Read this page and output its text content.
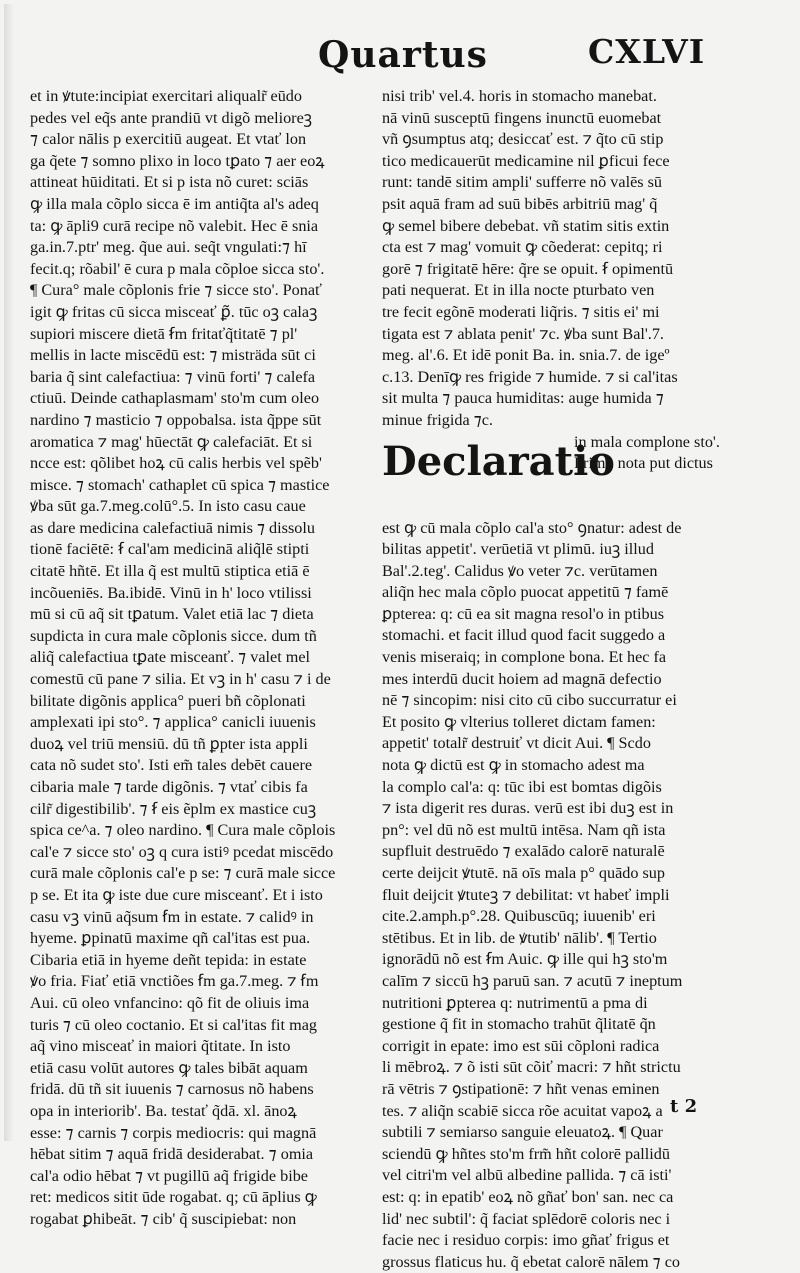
Quartus	CXLVI
et in ꝟtute:incipiat exercitari aliqualr̃ eūdo
pedes vel eq̃s ante prandiū vt digõ melioreꝫ
⁊ calor nālis p exercitiū augeat. Et vtať lon
ga q̃ete ⁊ somno plixo in loco tꝑato ⁊ aer eoꝝ
attineat hūiditati. Et si p ista nõ curet: sciās
ꝙ illa mala cõplo sicca ē im antiq̃ta al's adeq
ta: ꝙ āpli9 curā recipe nõ valebit. Hec ē snia
ga.in.7.ptr' meg. q̃ue aui. seq̃t vngulati:⁊ hī
fecit.q; rõabil' ē cura p mala cõploe sicca sto'.
¶ Cura° male cõplonis frie ⁊ sicce sto'. Ponať
igit ꝙ fritas cū sicca misceať ꝑ̃. tūc oꝫ calaꝫ
supiori miscere dietā ẜm fritaťq̃titatē ⁊ pl'
mellis in lacte miscēdū est: ⁊ misträda sūt ci
baria q̃ sint calefactiua: ⁊ vinū forti' ⁊ calefa
ctiuū. Deinde cathaplasmam' sto'm cum oleo
nardino ⁊ masticio ⁊ oppobalsa. ista q̃ppe sūt
aromatica ⁊ mag' hūectāt ꝙ calefaciāt. Et si
ncce est: qõlibet hoꝝ cū calis herbis vel spẽb'
misce. ⁊ stomach' cathaplet cū spica ⁊ mastice
ꝟba sūt ga.7.meg.colū°.5. In isto casu caue
as dare medicina calefactiuā nimis ⁊ dissolu
tionē faciētē: ẜ cal'am medicinā aliq̃lē stipti
citatē hñtē. Et illa q̃ est multū stiptica etiā ē
incõueniēs. Ba.ibidē. Vinū in h' loco vtilissi
mū si cū aq̃ sit tꝑatum. Valet etiā lac ⁊ dieta
supdicta in cura male cõplonis sicce. dum tñ
aliq̃ calefactiua tꝑate misceanť. ⁊ valet mel
comestū cū pane ⁊ silia. Et vꝫ in h' casu ⁊ i de
bilitate digõnis applica° pueri bñ cõplonati
amplexati ipi sto°. ⁊ applica° canicli iuuenis
duoꝝ vel triū mensiū. dū tñ ꝑpter ista appli
cata nõ sudet sto'. Isti em̃ tales debēt cauere
cibaria male ⁊ tarde digõnis. ⁊ vtať cibis fa
cilr̃ digestibilib'. ⁊ ẜ eis ẽplm ex mastice cuꝫ
spica ce^a. ⁊ oleo nardino. ¶ Cura male cõplois
cal'e ⁊ sicce sto' oꝫ q cura istiꝰ pcedat miscēdo
curā male cõplonis cal'e p se: ⁊ curā male sicce
p se. Et ita ꝙ iste due cure misceanť. Et i isto
casu vꝫ vinū aq̃sum ẜm in estate. ⁊ calidꝰ in
hyeme. ꝑpinatū maxime qñ cal'itas est pua.
Cibaria etiā in hyeme deñt tepida: in estate
ꝟo fria. Fiať etiā vnctiões ẜm ga.7.meg. ⁊ ẜm
Aui. cū oleo vnfancino: qõ fit de oliuis ima
turis ⁊ cū oleo coctanio. Et si cal'itas fit mag
aq̃ vino misceať in maiori q̃titate. In isto
etiā casu volūt autores ꝙ tales bibāt aquam
fridā. dū tñ sit iuuenis ⁊ carnosus nõ habens
opa in interiorib'. Ba. testať q̃dā. xl. ānoꝝ
esse: ⁊ carnis ⁊ corpis mediocris: qui magnā
hēbat sitim ⁊ aquā fridā desiderabat. ⁊ omia
cal'a odio hēbat ⁊ vt pugillū aq̃ frigide bibe
ret: medicos sitit ūde rogabat. q; cū āplius ꝙ
rogabat ꝑhibeāt. ⁊ cib' q̃ suscipiebat: non
nisi trib' vel.4. horis in stomacho manebat.
nā vinū susceptū fingens inunctū euomebat
vñ ꝯsumptus atq; desiccať est. ⁊ q̃to cū stip
tico medicauerūt medicamine nil ꝑficui fece
runt: tandē sitim ampli' sufferre nõ valēs sū
psit aquā fram ad suū bibēs arbitriū mag' q̃
ꝙ semel bibere debebat. vñ statim sitis extin
cta est ⁊ mag' vomuit ꝙ cõederat: cepitq; ri
gorē ⁊ frigitatē hēre: q̃re se opuit. ẜ opimentū
pati nequerat. Et in illa nocte pturbato ven
tre fecit egõnē moderati liq̃ris. ⁊ sitis ei' mi
tigata est ⁊ ablata penit' ⁊c. ꝟba sunt Bal'.7.
meg. al'.6. Et idē ponit Ba. in. snia.7. de igeº
c.13. Denīꝙ res frigide ⁊ humide. ⁊ si cal'itas
sit multa ⁊ pauca humiditas: auge humida ⁊
minue frigida ⁊c.
Declaratio
in mala complone sto'.
Primo nota put dictus
est ꝙ cū mala cõplo cal'a sto° ꝯnatur: adest de
bilitas appetit'. verūetiā vt plimū. iuꝫ illud
Bal'.2.teg'. Calidus ꝟo veter ⁊c. verūtamen
aliq̃n hec mala cõplo puocat appetitū ⁊ famē
ꝑpterea: q: cū ea sit magna resol'o in ptibus
stomachi. et facit illud quod facit suggedo a
venis miseraiq; in complone bona. Et hec fa
mes interdū ducit hoiem ad magnā defectio
nē ⁊ sincopim: nisi cito cū cibo succurratur ei
Et posito ꝙ vlterius tolleret dictam famen:
appetit' totalr̃ destruiť vt dicit Aui. ¶ Scdo
nota ꝙ dictū est ꝙ in stomacho adest ma
la complo cal'a: q: tūc ibi est bomtas digõis
⁊ ista digerit res duras. verū est ibi duꝫ est in
pn°: vel dū nõ est multū intēsa. Nam qñ ista
supfluit destruēdo ⁊ exalādo calorē naturalē
certe deijcit ꝟtutē. nā oīs mala p° quādo sup
fluit deijcit ꝟtuteꝫ ⁊ debilitat: vt habeť impli
cite.2.amph.p°.28. Quibuscūq; iuuenib' eri
stētibus. Et in lib. de ꝟtutib' nālib'. ¶ Tertio
ignorādū nõ est ẜm Auic. ꝙ ille qui hꝫ sto'm
calīm ⁊ siccū hꝫ paruū san. ⁊ acutū ⁊ ineptum
nutritioni ꝑpterea q: nutrimentū a pma di
gestione q̃ fit in stomacho trahūt q̃litatē q̃n
corrigit in epate: imo est sūi cõploni radica
li mēbroꝝ. ⁊ õ isti sūt cõiť macri: ⁊ hñt strictu
rā vētris ⁊ ꝯstipationē: ⁊ hñt venas eminen
tes. ⁊ aliq̃n scabiē sicca rõe acuitat vapoꝝ a
subtili ⁊ semiarso sanguie eleuatoꝝ. ¶ Quar
sciendū ꝙ hñtes sto'm frm̃ hñt colorē pallidū
vel citri'm vel albū albedine pallida. ⁊ cā isti'
est: q: in epatib' eoꝝ nõ gñať bon' san. nec ca
lid' nec subtil': q̃ faciat splēdorē coloris nec i
facie nec i residuo corpis: imo gñať frigus et
grossus flaticus hu. q̃ ebetat calorē nālem ⁊ co
t 2
